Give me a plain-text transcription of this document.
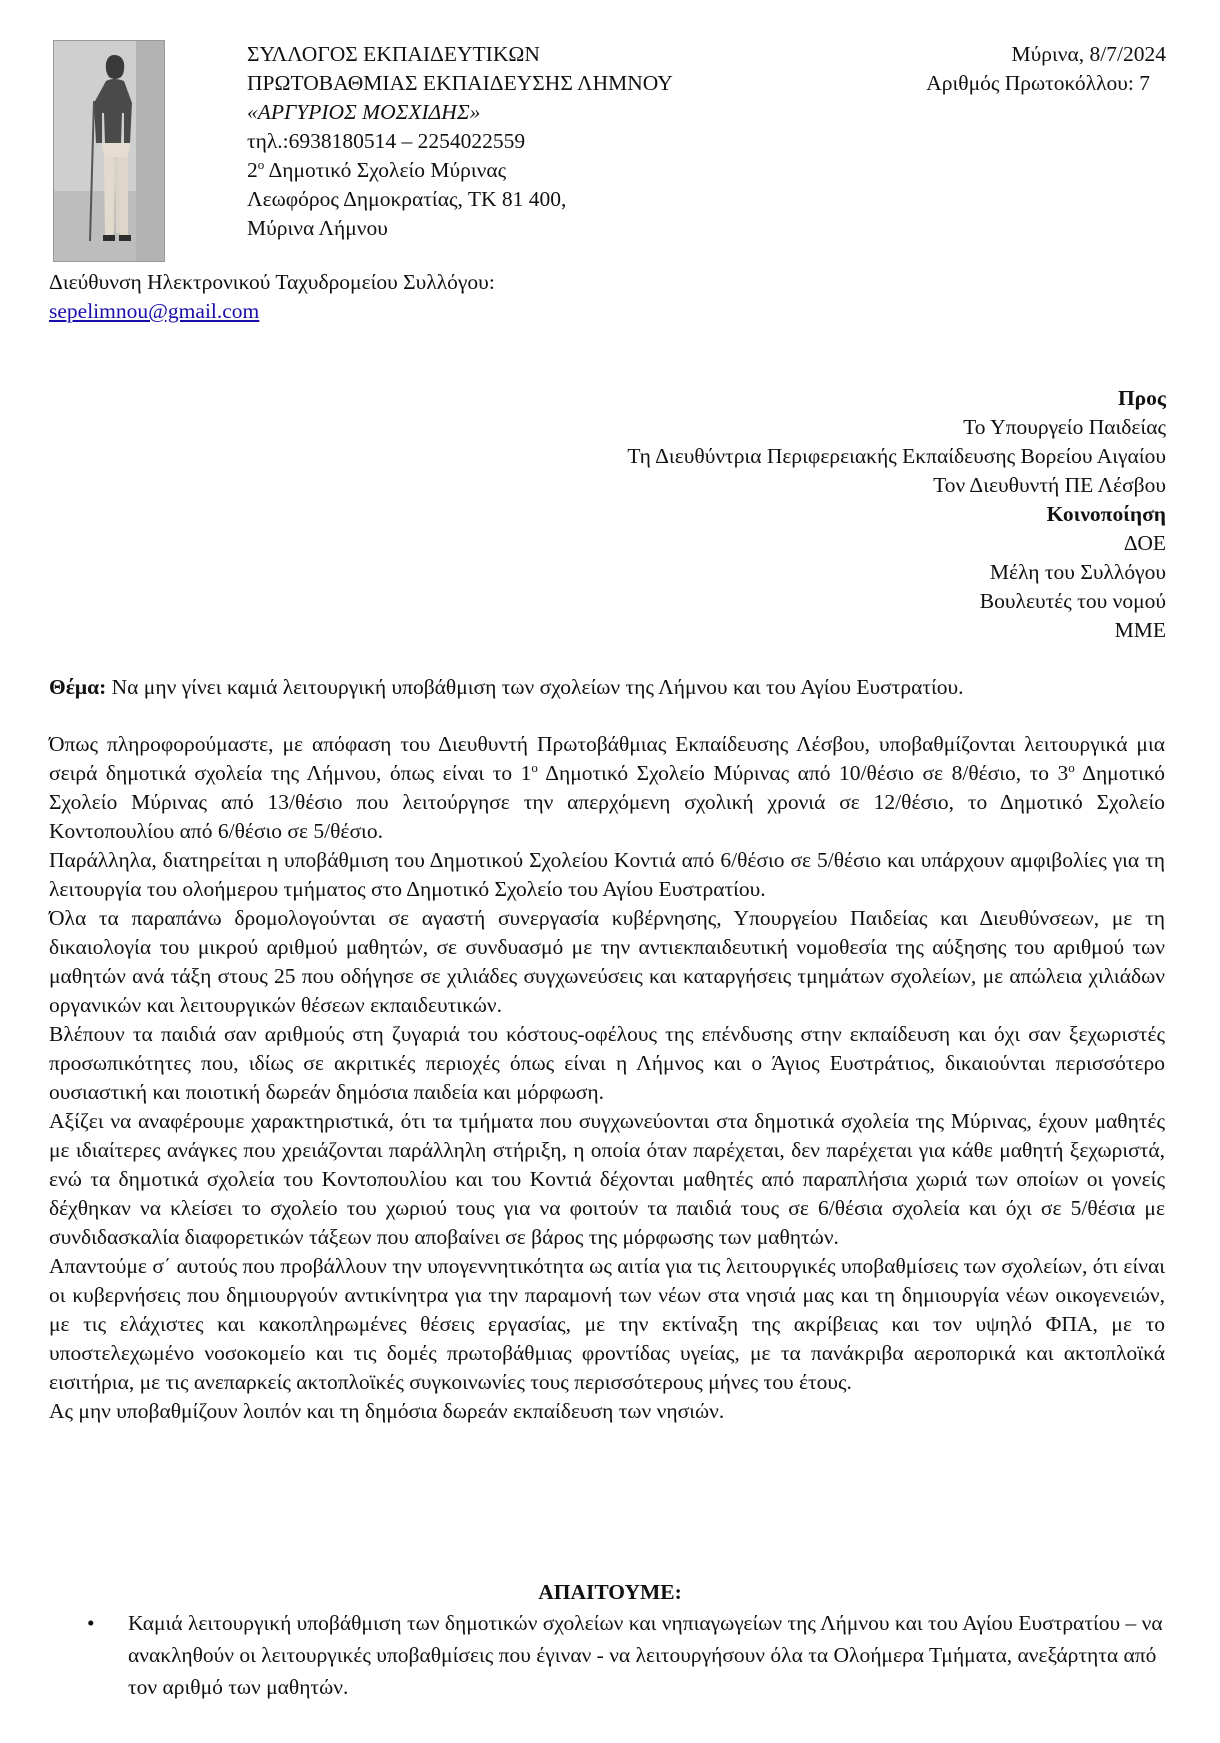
ΣΥΛΛΟΓΟΣ ΕΚΠΑΙΔΕΥΤΙΚΩΝ
ΠΡΩΤΟΒΑΘΜΙΑΣ ΕΚΠΑΙΔΕΥΣΗΣ ΛΗΜΝΟΥ
«ΑΡΓΥΡΙΟΣ ΜΟΣΧΙΔΗΣ»
τηλ.:6938180514 – 2254022559
$2^o$ Δημοτικό Σχολείο Μύρινας
Λεωφόρος Δημοκρατίας, ΤΚ 81 400,
Μύρινα Λήμνου
Μύρινα, 8/7/2024
Αριθμός Πρωτοκόλλου: 7
Διεύθυνση Ηλεκτρονικού Ταχυδρομείου Συλλόγου:
sepelimnou@gmail.com
Προς
Το Υπουργείο Παιδείας
Τη Διευθύντρια Περιφερειακής Εκπαίδευσης Βορείου Αιγαίου
Τον Διευθυντή ΠΕ Λέσβου
Κοινοποίηση
ΔΟΕ
Μέλη του Συλλόγου
Βουλευτές του νομού
ΜΜΕ
Θέμα: Να μην γίνει καμιά λειτουργική υποβάθμιση των σχολείων της Λήμνου και του Αγίου Ευστρατίου.

Όπως πληροφορούμαστε, με απόφαση του Διευθυντή Πρωτοβάθμιας Εκπαίδευσης Λέσβου, υποβαθμίζονται λειτουργικά μια σειρά δημοτικά σχολεία της Λήμνου, όπως είναι το $1^o$ Δημοτικό Σχολείο Μύρινας από 10/θέσιο σε 8/θέσιο, το $3^o$ Δημοτικό Σχολείο Μύρινας από 13/θέσιο που λειτούργησε την απερχόμενη σχολική χρονιά σε 12/θέσιο, το Δημοτικό Σχολείο Κοντοπουλίου από 6/θέσιο σε 5/θέσιο.

Παράλληλα, διατηρείται η υποβάθμιση του Δημοτικού Σχολείου Κοντιά από 6/θέσιο σε 5/θέσιο και υπάρχουν αμφιβολίες για τη λειτουργία του ολοήμερου τμήματος στο Δημοτικό Σχολείο του Αγίου Ευστρατίου.

Όλα τα παραπάνω δρομολογούνται σε αγαστή συνεργασία κυβέρνησης, Υπουργείου Παιδείας και Διευθύνσεων, με τη δικαιολογία του μικρού αριθμού μαθητών, σε συνδυασμό με την αντιεκπαιδευτική νομοθεσία της αύξησης του αριθμού των μαθητών ανά τάξη στους 25 που οδήγησε σε χιλιάδες συγχωνεύσεις και καταργήσεις τμημάτων σχολείων, με απώλεια χιλιάδων οργανικών και λειτουργικών θέσεων εκπαιδευτικών.

Βλέπουν τα παιδιά σαν αριθμούς στη ζυγαριά του κόστους-οφέλους της επένδυσης στην εκπαίδευση και όχι σαν ξεχωριστές προσωπικότητες που, ιδίως σε ακριτικές περιοχές όπως είναι η Λήμνος και ο Άγιος Ευστράτιος, δικαιούνται περισσότερο ουσιαστική και ποιοτική δωρεάν δημόσια παιδεία και μόρφωση.

Αξίζει να αναφέρουμε χαρακτηριστικά, ότι τα τμήματα που συγχωνεύονται στα δημοτικά σχολεία της Μύρινας, έχουν μαθητές με ιδιαίτερες ανάγκες που χρειάζονται παράλληλη στήριξη, η οποία όταν παρέχεται, δεν παρέχεται για κάθε μαθητή ξεχωριστά, ενώ τα δημοτικά σχολεία του Κοντοπουλίου και του Κοντιά δέχονται μαθητές από παραπλήσια χωριά των οποίων οι γονείς δέχθηκαν να κλείσει το σχολείο του χωριού τους για να φοιτούν τα παιδιά τους σε 6/θέσια σχολεία και όχι σε 5/θέσια με συνδιδασκαλία διαφορετικών τάξεων που αποβαίνει σε βάρος της μόρφωσης των μαθητών.

Απαντούμε σ΄ αυτούς που προβάλλουν την υπογεννητικότητα ως αιτία για τις λειτουργικές υποβαθμίσεις των σχολείων, ότι είναι οι κυβερνήσεις που δημιουργούν αντικίνητρα για την παραμονή των νέων στα νησιά μας και τη δημιουργία νέων οικογενειών, με τις ελάχιστες και κακοπληρωμένες θέσεις εργασίας, με την εκτίναξη της ακρίβειας και τον υψηλό ΦΠΑ, με το υποστελεχωμένο νοσοκομείο και τις δομές πρωτοβάθμιας φροντίδας υγείας, με τα πανάκριβα αεροπορικά και ακτοπλοϊκά εισιτήρια, με τις ανεπαρκείς ακτοπλοϊκές συγκοινωνίες τους περισσότερους μήνες του έτους.

Ας μην υποβαθμίζουν λοιπόν και τη δημόσια δωρεάν εκπαίδευση των νησιών.

ΑΠΑΙΤΟΥΜΕ:
• Καμιά λειτουργική υποβάθμιση των δημοτικών σχολείων και νηπιαγωγείων της Λήμνου και του Αγίου Ευστρατίου – να ανακληθούν οι λειτουργικές υποβαθμίσεις που έγιναν - να λειτουργήσουν όλα τα Ολοήμερα Τμήματα, ανεξάρτητα από τον αριθμό των μαθητών.
